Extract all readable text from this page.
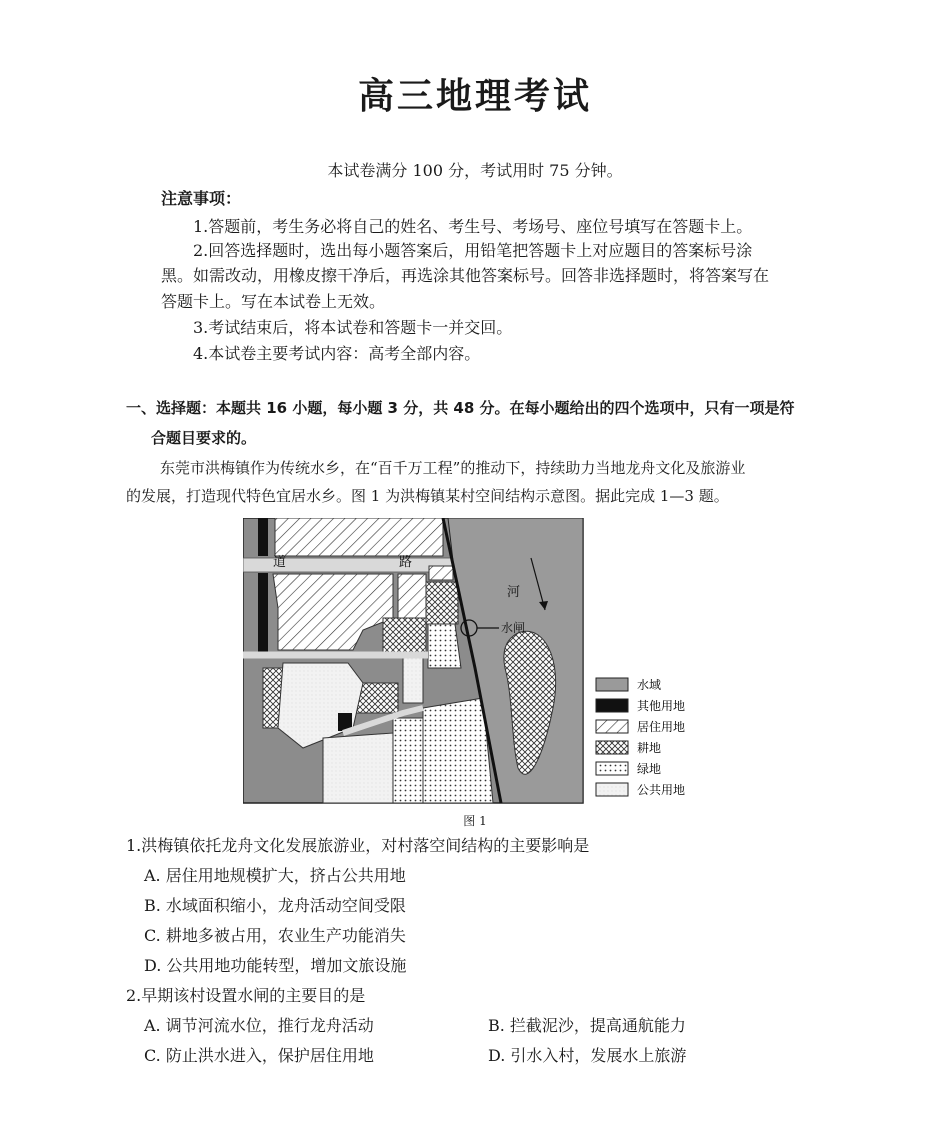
高三地理考试
本试卷满分 100 分，考试用时 75 分钟。
注意事项：
1.答题前，考生务必将自己的姓名、考生号、考场号、座位号填写在答题卡上。
2.回答选择题时，选出每小题答案后，用铅笔把答题卡上对应题目的答案标号涂
黑。如需改动，用橡皮擦干净后，再选涂其他答案标号。回答非选择题时，将答案写在
答题卡上。写在本试卷上无效。
3.考试结束后，将本试卷和答题卡一并交回。
4.本试卷主要考试内容：高考全部内容。
一、选择题：本题共 16 小题，每小题 3 分，共 48 分。在每小题给出的四个选项中，只有一项是符
合题目要求的。
东莞市洪梅镇作为传统水乡，在“百千万工程”的推动下，持续助力当地龙舟文化及旅游业
的发展，打造现代特色宜居水乡。图 1 为洪梅镇某村空间结构示意图。据此完成 1—3 题。
道	路
河
水闸
水域
其他用地
居住用地
耕地
绿地
公共用地
图 1
1.洪梅镇依托龙舟文化发展旅游业，对村落空间结构的主要影响是
A. 居住用地规模扩大，挤占公共用地
B. 水域面积缩小，龙舟活动空间受限
C. 耕地多被占用，农业生产功能消失
D. 公共用地功能转型，增加文旅设施
2.早期该村设置水闸的主要目的是
A. 调节河流水位，推行龙舟活动	B. 拦截泥沙，提高通航能力
C. 防止洪水进入，保护居住用地	D. 引水入村，发展水上旅游
